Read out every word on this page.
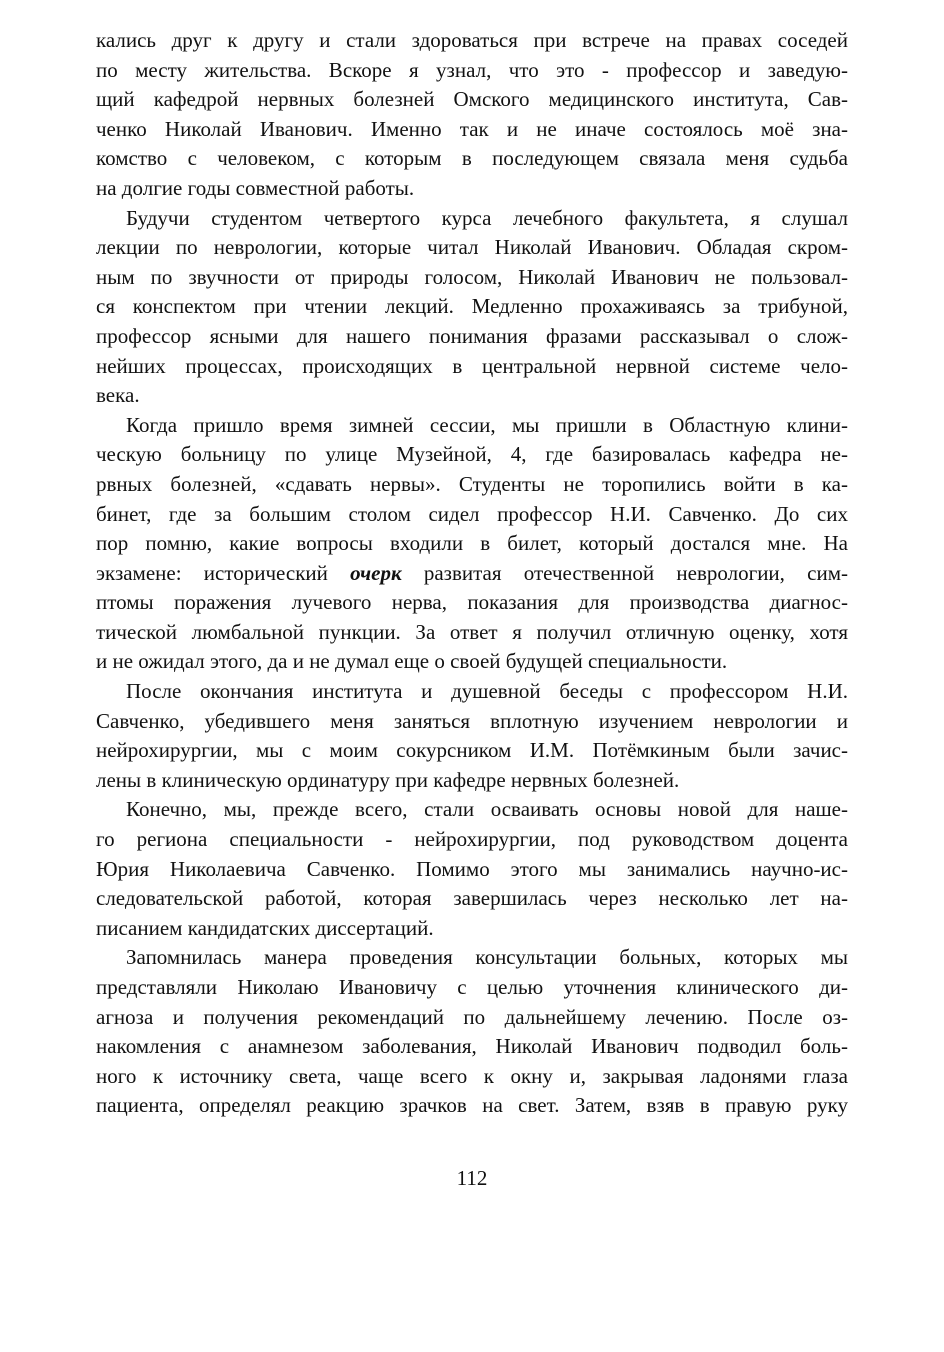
кались друг к другу и стали здороваться при встрече на правах соседей
по месту жительства. Вскоре я узнал, что это - профессор и заведую-
щий кафедрой нервных болезней Омского медицинского института, Сав-
ченко Николай Иванович. Именно так и не иначе состоялось моё зна-
комство с человеком, с которым в последующем связала меня судьба
на долгие годы совместной работы.
Будучи студентом четвертого курса лечебного факультета, я слушал
лекции по неврологии, которые читал Николай Иванович. Обладая скром-
ным по звучности от природы голосом, Николай Иванович не пользовал-
ся конспектом при чтении лекций. Медленно прохаживаясь за трибуной,
профессор ясными для нашего понимания фразами рассказывал о слож-
нейших процессах, происходящих в центральной нервной системе чело-
века.
Когда пришло время зимней сессии, мы пришли в Областную клини-
ческую больницу по улице Музейной, 4, где базировалась кафедра не-
рвных болезней, «сдавать нервы». Студенты не торопились войти в ка-
бинет, где за большим столом сидел профессор Н.И. Савченко. До сих
пор помню, какие вопросы входили в билет, который достался мне. На
экзамене: исторический очерк развитая отечественной неврологии, сим-
птомы поражения лучевого нерва, показания для производства диагнос-
тической люмбальной пункции. За ответ я получил отличную оценку, хотя
и не ожидал этого, да и не думал еще о своей будущей специальности.
После окончания института и душевной беседы с профессором Н.И.
Савченко, убедившего меня заняться вплотную изучением неврологии и
нейрохирургии, мы с моим сокурсником И.М. Потёмкиным были зачис-
лены в клиническую ординатуру при кафедре нервных болезней.
Конечно, мы, прежде всего, стали осваивать основы новой для наше-
го региона специальности - нейрохирургии, под руководством доцента
Юрия Николаевича Савченко. Помимо этого мы занимались научно-ис-
следовательской работой, которая завершилась через несколько лет на-
писанием кандидатских диссертаций.
Запомнилась манера проведения консультации больных, которых мы
представляли Николаю Ивановичу с целью уточнения клинического ди-
агноза и получения рекомендаций по дальнейшему лечению. После оз-
накомления с анамнезом заболевания, Николай Иванович подводил боль-
ного к источнику света, чаще всего к окну и, закрывая ладонями глаза
пациента, определял реакцию зрачков на свет. Затем, взяв в правую руку
112
